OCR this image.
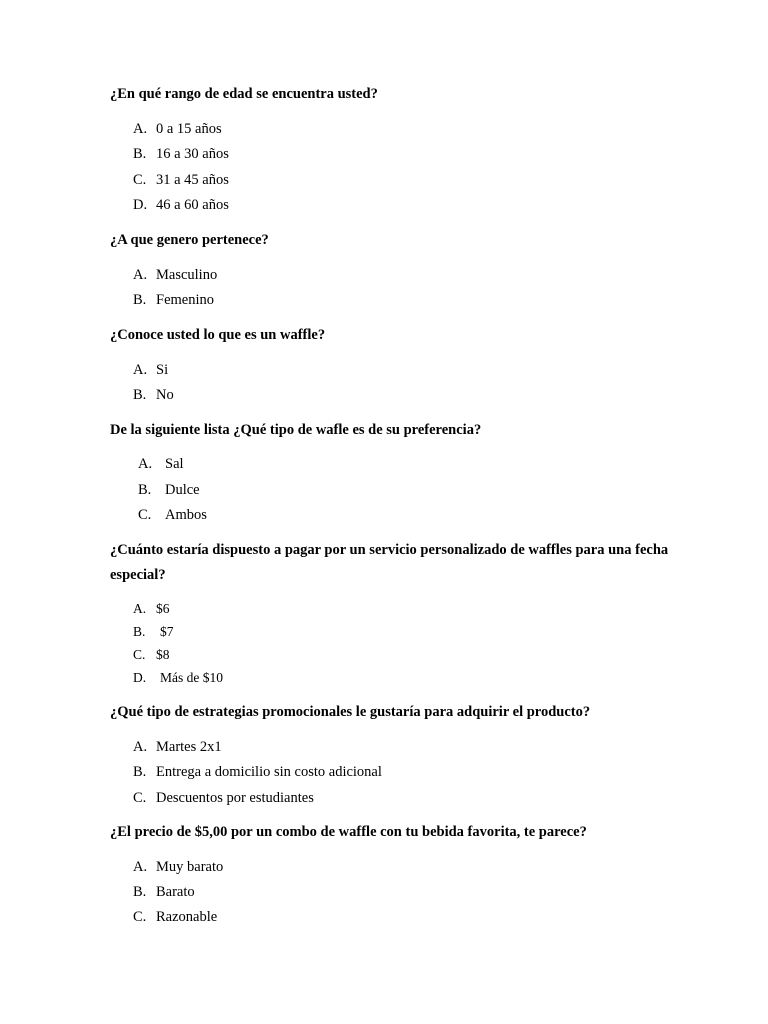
¿En qué rango de edad se encuentra usted?

A. 0 a 15 años
B. 16 a 30 años
C. 31 a 45 años
D. 46 a 60 años

¿A que genero pertenece?

A. Masculino
B. Femenino

¿Conoce usted lo que es un waffle?

A. Si
B. No

De la siguiente lista ¿Qué tipo de wafle es de su preferencia?

A. Sal
B. Dulce
C. Ambos

¿Cuánto estaría dispuesto a pagar por un servicio personalizado de waffles para una fecha especial?

A. $6
B. $7
C. $8
D. Más de $10

¿Qué tipo de estrategias promocionales le gustaría para adquirir el producto?

A. Martes 2x1
B. Entrega a domicilio sin costo adicional
C. Descuentos por estudiantes

¿El precio de $5,00 por un combo de waffle con tu bebida favorita, te parece?

A. Muy barato
B. Barato
C. Razonable
